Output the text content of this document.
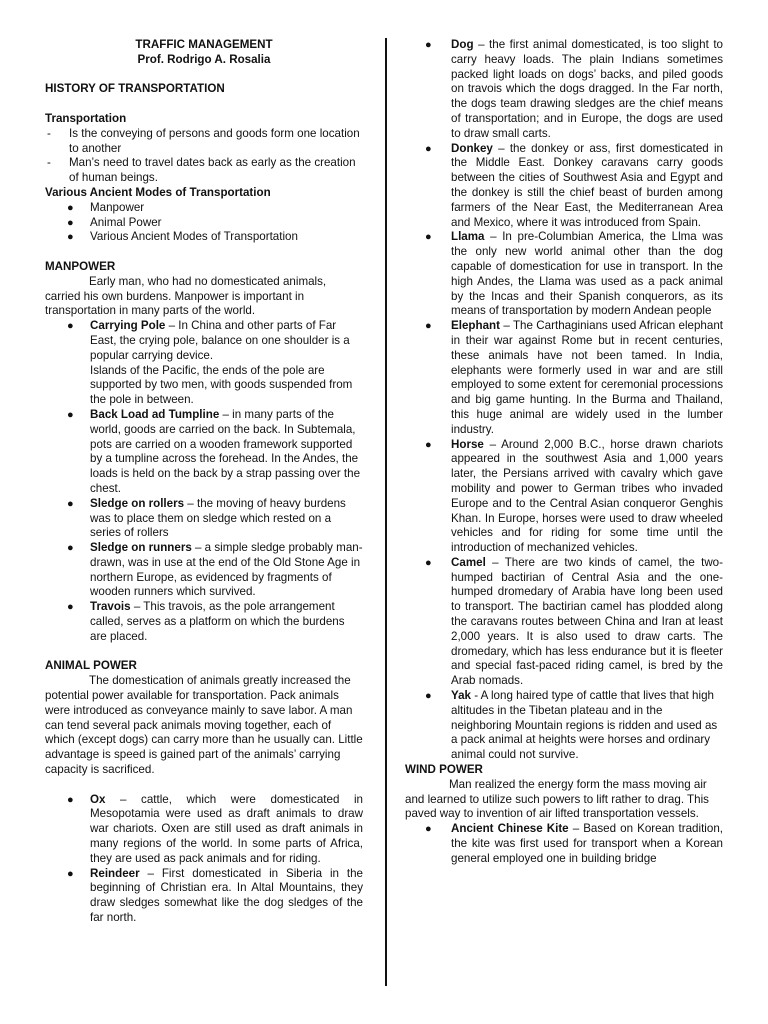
TRAFFIC MANAGEMENT

Prof. Rodrigo A. Rosalia

HISTORY OF TRANSPORTATION

Transportation

- Is the conveying of persons and goods form one location to another
- Man’s need to travel dates back as early as the creation of human beings.

Various Ancient Modes of Transportation

● Manpower
● Animal Power
● Various Ancient Modes of Transportation

MANPOWER

Early man, who had no domesticated animals, carried his own burdens. Manpower is important in transportation in many parts of the world.

● Carrying Pole – In China and other parts of Far East, the crying pole, balance on one shoulder is a popular carrying device.
Islands of the Pacific, the ends of the pole are supported by two men, with goods suspended from the pole in between.
● Back Load ad Tumpline – in many parts of the world, goods are carried on the back. In Subtemala, pots are carried on a wooden framework supported by a tumpline across the forehead. In the Andes, the loads is held on the back by a strap passing over the chest.
● Sledge on rollers – the moving of heavy burdens was to place them on sledge which rested on a series of rollers
● Sledge on runners – a simple sledge probably man-drawn, was in use at the end of the Old Stone Age in northern Europe, as evidenced by fragments of wooden runners which survived.
● Travois – This travois, as the pole arrangement called, serves as a platform on which the burdens are placed.

ANIMAL POWER

The domestication of animals greatly increased the potential power available for transportation. Pack animals were introduced as conveyance mainly to save labor. A man can tend several pack animals moving together, each of which (except dogs) can carry more than he usually can. Little advantage is speed is gained part of the animals’ carrying capacity is sacrificed.

● Ox – cattle, which were domesticated in Mesopotamia were used as draft animals to draw war chariots. Oxen are still used as draft animals in many regions of the world. In some parts of Africa, they are used as pack animals and for riding.
● Reindeer – First domesticated in Siberia in the beginning of Christian era. In Altal Mountains, they draw sledges somewhat like the dog sledges of the far north.
● Dog – the first animal domesticated, is too slight to carry heavy loads. The plain Indians sometimes packed light loads on dogs’ backs, and piled goods on travois which the dogs dragged. In the Far north, the dogs team drawing sledges are the chief means of transportation; and in Europe, the dogs are used to draw small carts.
● Donkey – the donkey or ass, first domesticated in the Middle East. Donkey caravans carry goods between the cities of Southwest Asia and Egypt and the donkey is still the chief beast of burden among farmers of the Near East, the Mediterranean Area and Mexico, where it was introduced from Spain.
● Llama – In pre-Columbian America, the Llma was the only new world animal other than the dog capable of domestication for use in transport. In the high Andes, the Llama was used as a pack animal by the Incas and their Spanish conquerors, as its means of transportation by modern Andean people
● Elephant – The Carthaginians used African elephant in their war against Rome but in recent centuries, these animals have not been tamed. In India, elephants were formerly used in war and are still employed to some extent for ceremonial processions and big game hunting. In the Burma and Thailand, this huge animal are widely used in the lumber industry.
● Horse – Around 2,000 B.C., horse drawn chariots appeared in the southwest Asia and 1,000 years later, the Persians arrived with cavalry which gave mobility and power to German tribes who invaded Europe and to the Central Asian conqueror Genghis Khan. In Europe, horses were used to draw wheeled vehicles and for riding for some time until the introduction of mechanized vehicles.
● Camel – There are two kinds of camel, the two-humped bactirian of Central Asia and the one-humped dromedary of Arabia have long been used to transport. The bactirian camel has plodded along the caravans routes between China and Iran at least 2,000 years. It is also used to draw carts. The dromedary, which has less endurance but it is fleeter and special fast-paced riding camel, is bred by the Arab nomads.
● Yak - A long haired type of cattle that lives that high altitudes in the Tibetan plateau and in the neighboring Mountain regions is ridden and used as a pack animal at heights were horses and ordinary animal could not survive.

WIND POWER

Man realized the energy form the mass moving air and learned to utilize such powers to lift rather to drag. This paved way to invention of air lifted transportation vessels.

● Ancient Chinese Kite – Based on Korean tradition, the kite was first used for transport when a Korean general employed one in building bridge
